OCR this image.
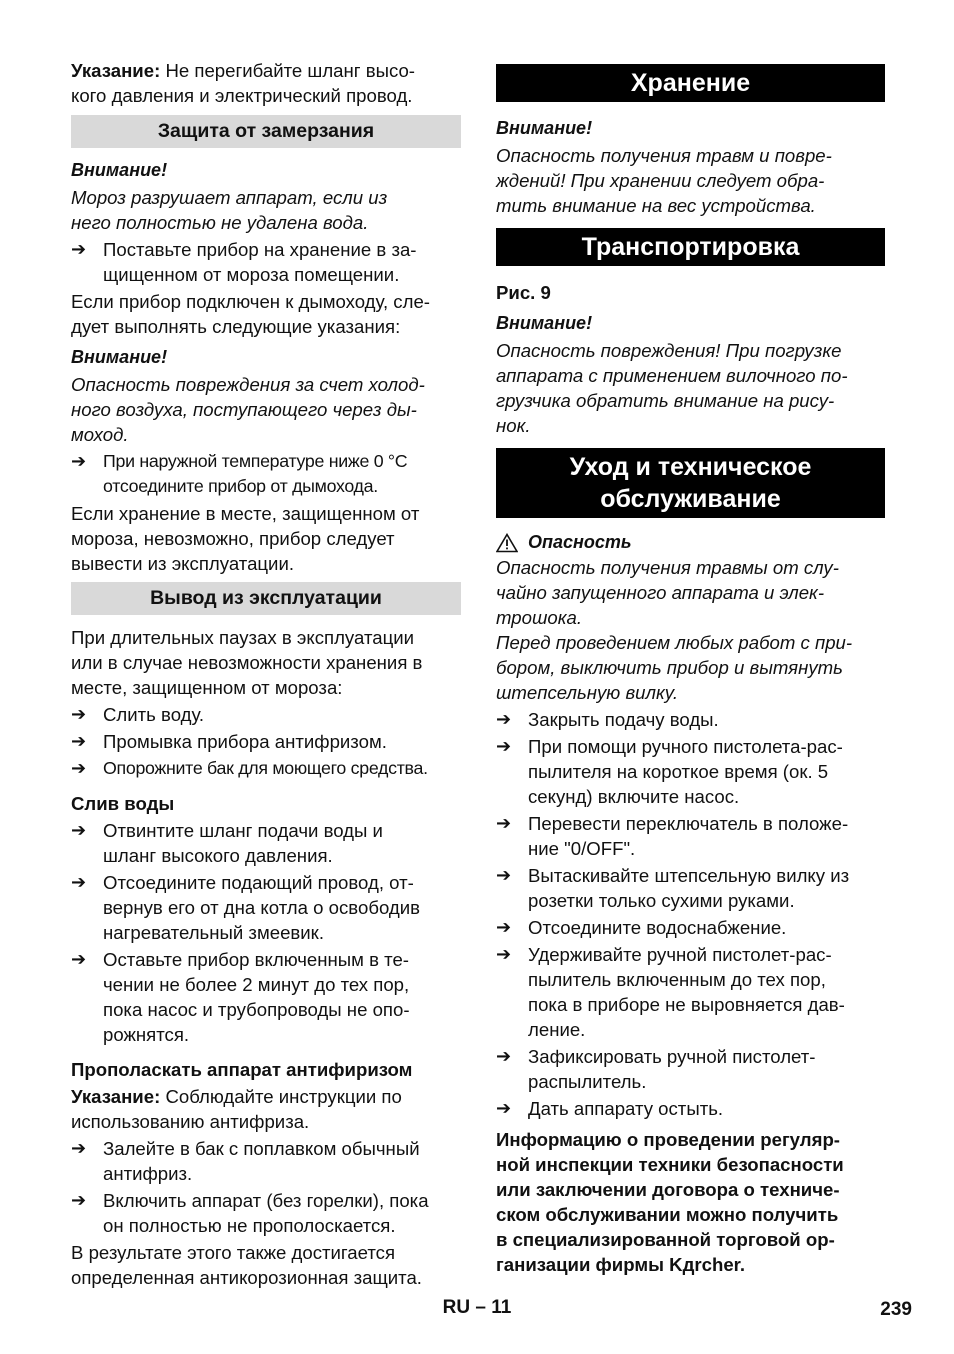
Указание: Не перегибайте шланг высо-
кого давления и электрический провод.

Защита от замерзания
Внимание!

Мороз разрушает аппарат, если из
него полностью не удалена вода.

➔ Поставьте прибор на хранение в за-
щищенном от мороза помещении.

Если прибор подключен к дымоходу, сле-
дует выполнять следующие указания:

Внимание!

Опасность повреждения за счет холод-
ного воздуха, поступающего через ды-
моход.

➔ При наружной температуре ниже 0 °C
отсоедините прибор от дымохода.

Если хранение в месте, защищенном от
мороза, невозможно, прибор следует
вывести из эксплуатации.

Вывод из эксплуатации

При длительных паузах в эксплуатации
или в случае невозможности хранения в
месте, защищенном от мороза:

➔ Слить воду.
➔ Промывка прибора антифризом.
➔ Опорожните бак для моющего средства.
Слив воды
➔ Отвинтите шланг подачи воды и
шланг высокого давления.
➔ Отсоедините подающий провод, от-
вернув его от дна котла о освободив
нагревательный змеевик.
➔ Оставьте прибор включенным в те-
чении не более 2 минут до тех пор,
пока насос и трубопроводы не опо-
рожнятся.
Прополаскать аппарат антифиризом

Указание: Соблюдайте инструкции по
использованию антифриза.

➔ Залейте в бак с поплавком обычный
антифриз.
➔ Включить аппарат (без горелки), пока
он полностью не прополоскается.

В результате этого также достигается
определенная антикорозионная защита.

Хранение
Внимание!

Опасность получения травм и повре-
ждений! При хранении следует обра-
тить внимание на вес устройства.

Транспортировка
Рис. 9
Внимание!

Опасность повреждения! При погрузке
аппарата с применением вилочного по-
грузчика обратить внимание на рису-
нок.

Уход и техническое
обслуживание
Опасность

Опасность получения травмы от слу-
чайно запущенного аппарата и элек-
трошока.
Перед проведением любых работ с при-
бором, выключить прибор и вытянуть
штепсельную вилку.

➔ Закрыть подачу воды.
➔ При помощи ручного пистолета-рас-
пылителя на короткое время (ок. 5
секунд) включите насос.
➔ Перевести переключатель в положе-
ние "0/OFF".
➔ Вытаскивайте штепсельную вилку из
розетки только сухими руками.
➔ Отсоедините водоснабжение.
➔ Удерживайте ручной пистолет-рас-
пылитель включенным до тех пор,
пока в приборе не выровняется дав-
ление.
➔ Зафиксировать ручной пистолет-
распылитель.
➔ Дать аппарату остыть.

Информацию о проведении регуляр-
ной инспекции техники безопасности
или заключении договора о техниче-
ском обслуживании можно получить
в специализированной торговой ор-
ганизации фирмы Kдrcher.

RU – 11	239
